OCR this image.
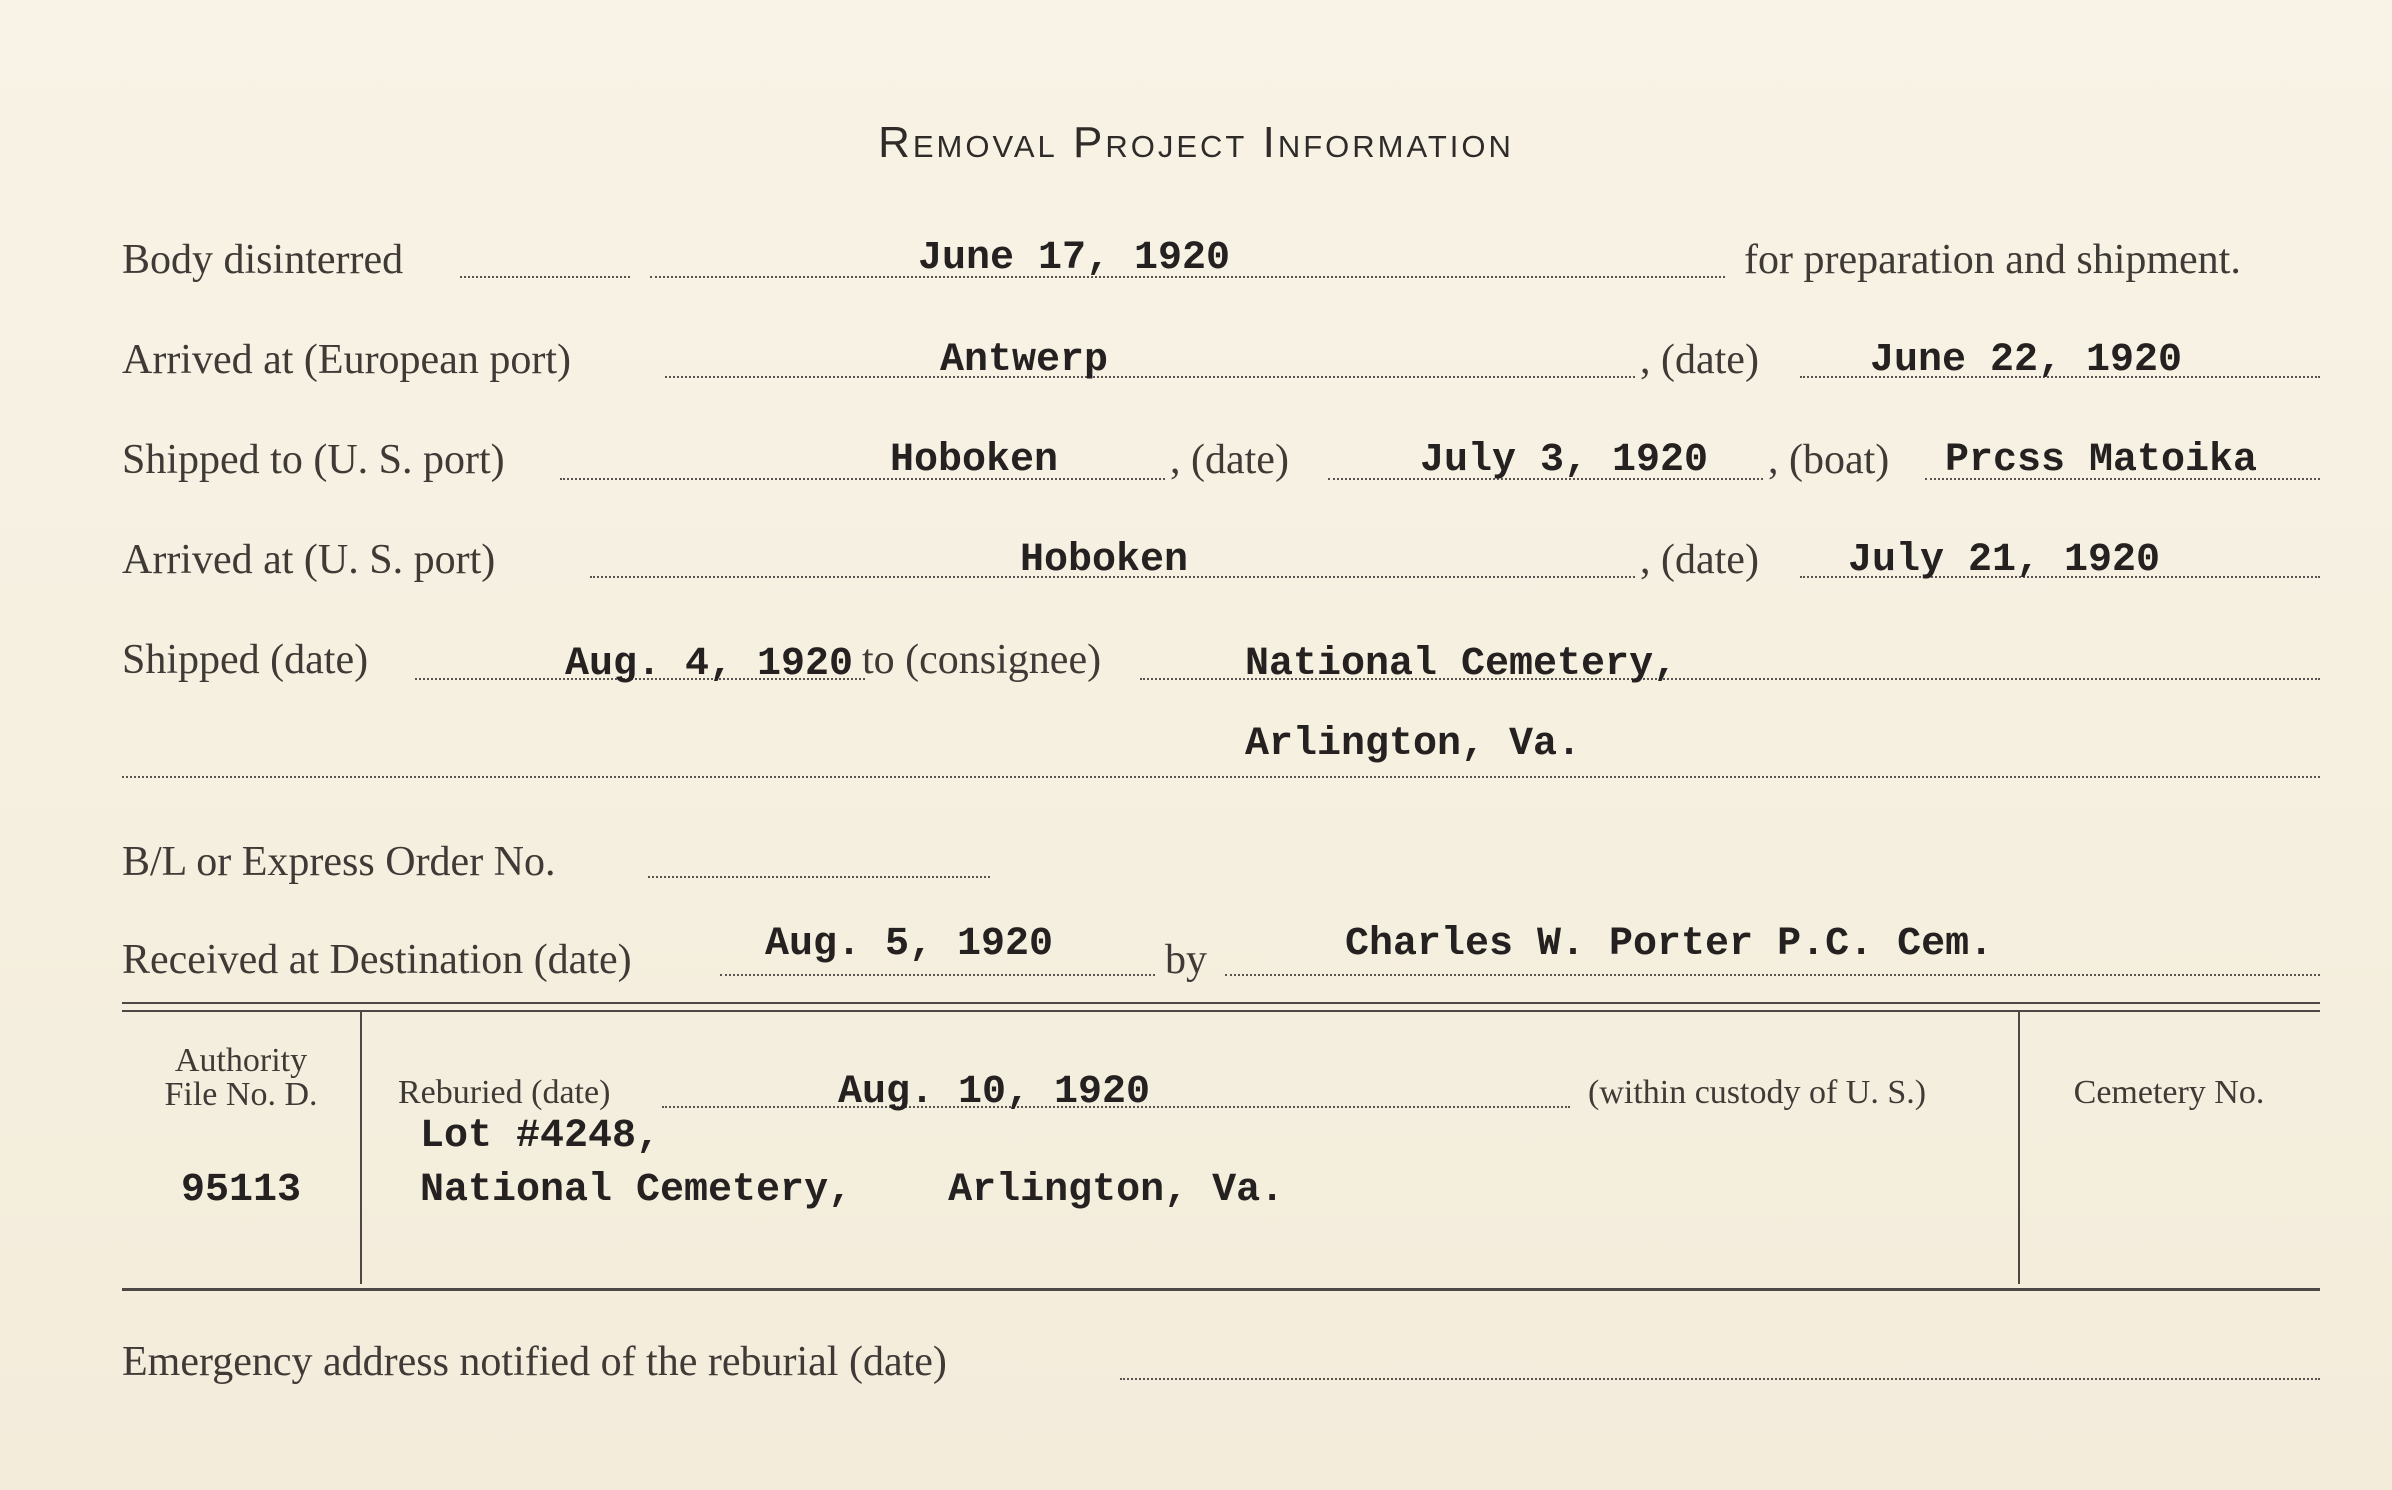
Removal Project Information
Body disinterred	June 17, 1920	for preparation and shipment.
Arrived at (European port)	Antwerp	, (date)	June 22, 1920
Shipped to (U. S. port)	Hoboken	, (date)	July 3, 1920 , (boat) Prcss Matoika
Arrived at (U. S. port)	Hoboken	, (date) July 21, 1920
Shipped (date)	Aug. 4, 1920 to (consignee)	National Cemetery,
Arlington, Va.
B/L or Express Order No.
Received at Destination (date)	Aug. 5, 1920	by	Charles W. Porter P.C. Cem.
Authority
File No. D.
95113
Reburied (date)	Aug. 10, 1920	(within custody of U. S.)
Lot #4248,
National Cemetery,    Arlington, Va.
Cemetery No.
Emergency address notified of the reburial (date)
